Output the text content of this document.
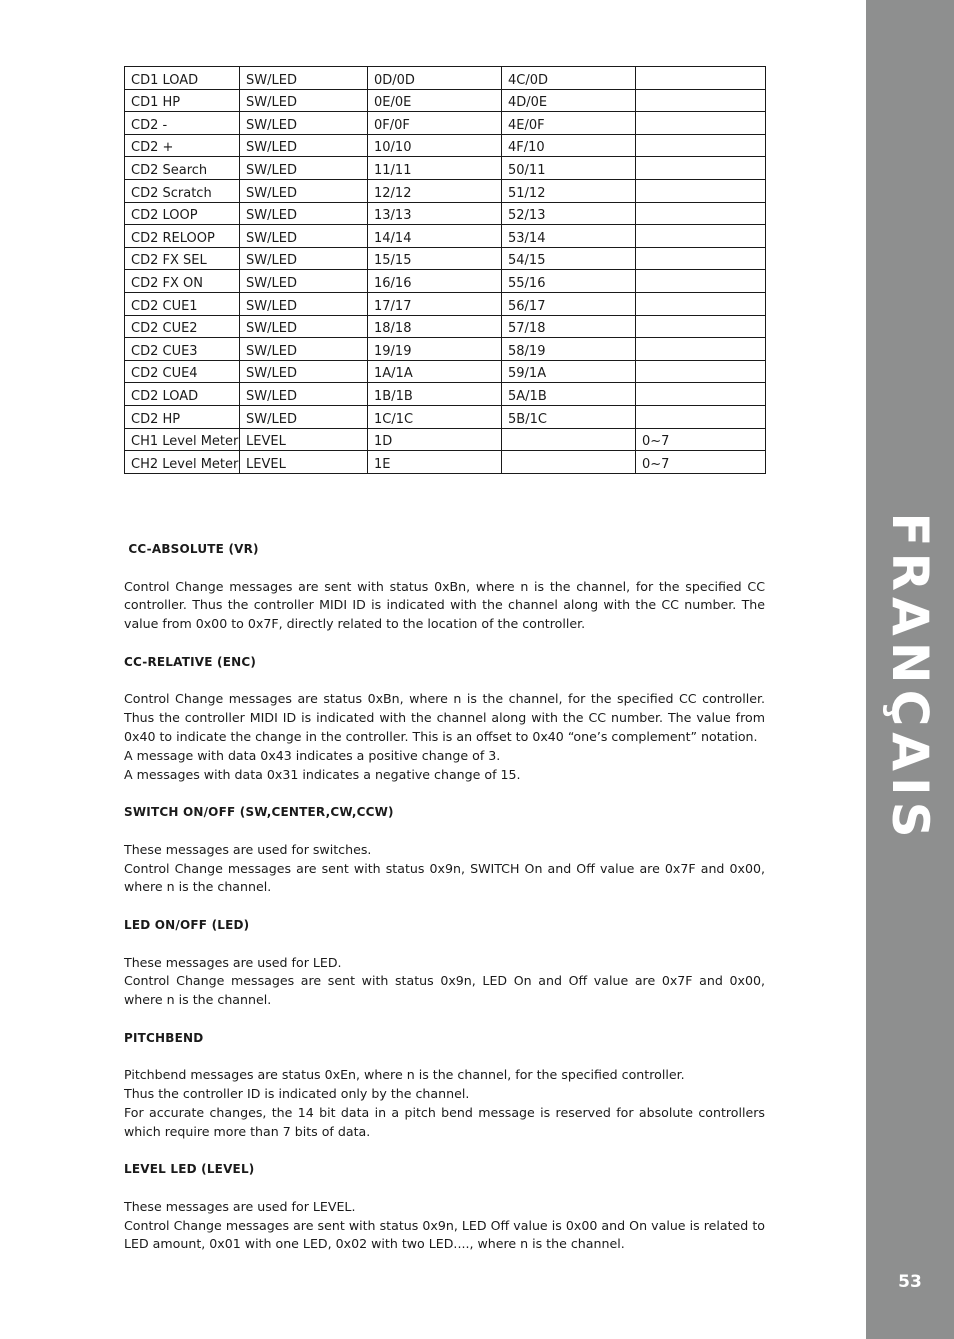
FRANÇAIS
53
CD1 LOAD	SW/LED	0D/0D	4C/0D	
CD1 HP	SW/LED	0E/0E	4D/0E	
CD2 -	SW/LED	0F/0F	4E/0F	
CD2 +	SW/LED	10/10	4F/10	
CD2 Search	SW/LED	11/11	50/11	
CD2 Scratch	SW/LED	12/12	51/12	
CD2 LOOP	SW/LED	13/13	52/13	
CD2 RELOOP	SW/LED	14/14	53/14	
CD2 FX SEL	SW/LED	15/15	54/15	
CD2 FX ON	SW/LED	16/16	55/16	
CD2 CUE1	SW/LED	17/17	56/17	
CD2 CUE2	SW/LED	18/18	57/18	
CD2 CUE3	SW/LED	19/19	58/19	
CD2 CUE4	SW/LED	1A/1A	59/1A	
CD2 LOAD	SW/LED	1B/1B	5A/1B	
CD2 HP	SW/LED	1C/1C	5B/1C	
CH1 Level Meter	LEVEL	1D		0~7
CH2 Level Meter	LEVEL	1E		0~7
CC-ABSOLUTE (VR)
Control Change messages are sent with status 0xBn, where n is the channel, for the specified CC controller. Thus the controller MIDI ID is indicated with the channel along with the CC number. The value from 0x00 to 0x7F, directly related to the location of the controller.
CC-RELATIVE (ENC)
Control Change messages are status 0xBn, where n is the channel, for the specified CC controller. Thus the controller MIDI ID is indicated with the channel along with the CC number. The value from 0x40 to indicate the change in the controller. This is an offset to 0x40 “one’s complement” notation.
A message with data 0x43 indicates a positive change of 3.
A messages with data 0x31 indicates a negative change of 15.
SWITCH ON/OFF (SW,CENTER,CW,CCW)
These messages are used for switches.
Control Change messages are sent with status 0x9n, SWITCH On and Off value are 0x7F and 0x00, where n is the channel.
LED ON/OFF (LED)
These messages are used for LED.
Control Change messages are sent with status 0x9n, LED On and Off value are 0x7F and 0x00, where n is the channel.
PITCHBEND
Pitchbend messages are status 0xEn, where n is the channel, for the specified controller.
Thus the controller ID is indicated only by the channel.
For accurate changes, the 14 bit data in a pitch bend message is reserved for absolute controllers which require more than 7 bits of data.
LEVEL LED (LEVEL)
These messages are used for LEVEL.
Control Change messages are sent with status 0x9n, LED Off value is 0x00 and On value is related to LED amount, 0x01 with one LED, 0x02 with two LED...., where n is the channel.
